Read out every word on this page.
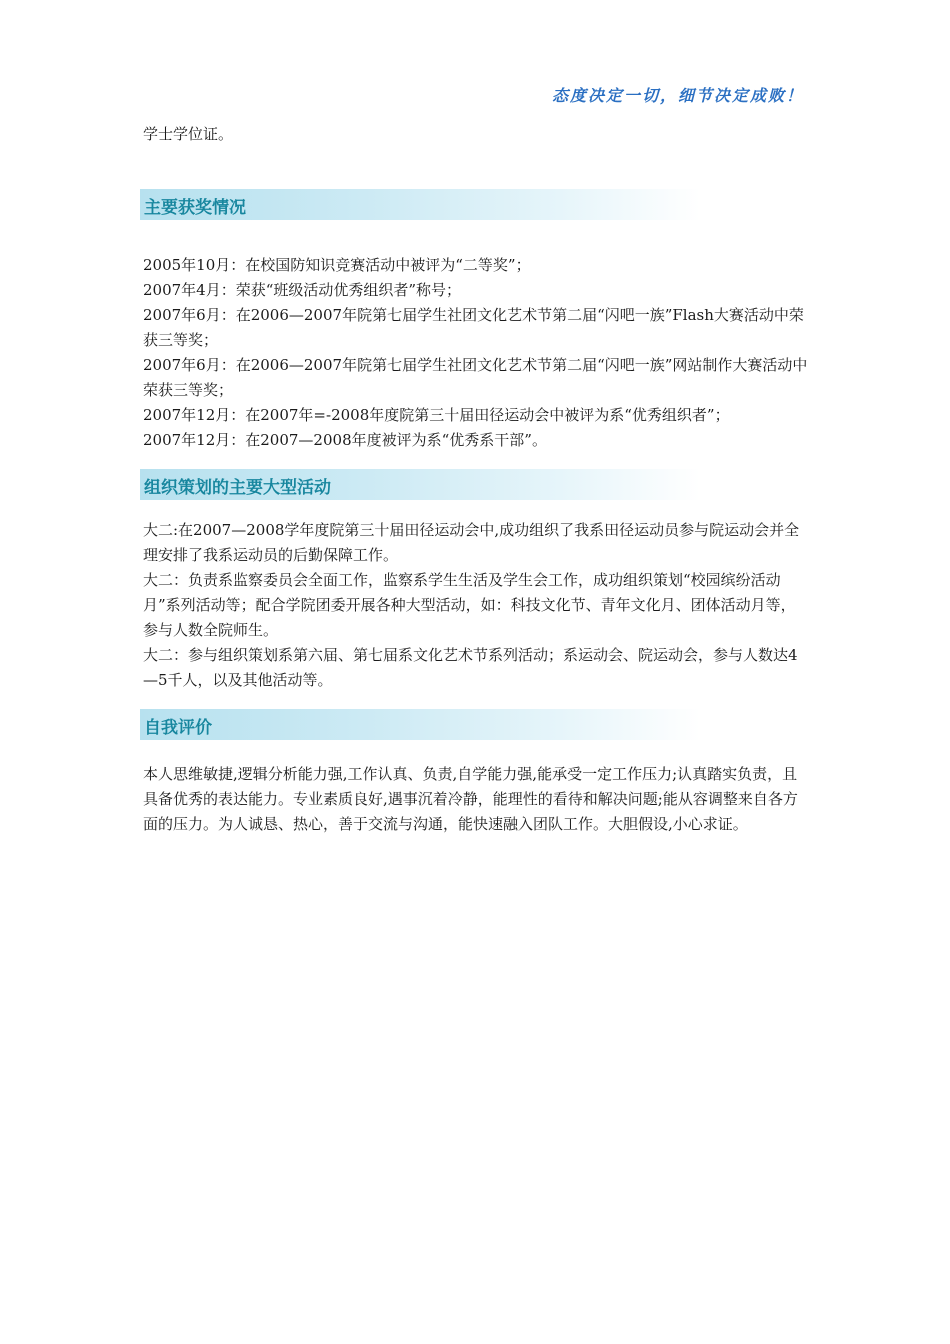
态度决定一切，细节决定成败！

学士学位证。

主要获奖情况

2005年10月：在校国防知识竞赛活动中被评为“二等奖”；

2007年4月：荣获“班级活动优秀组织者”称号；

2007年6月：在2006—2007年院第七届学生社团文化艺术节第二届“闪吧一族”Flash大赛活动中荣获三等奖；

2007年6月：在2006—2007年院第七届学生社团文化艺术节第二届“闪吧一族”网站制作大赛活动中荣获三等奖；

2007年12月：在2007年=-2008年度院第三十届田径运动会中被评为系“优秀组织者”；

2007年12月：在2007—2008年度被评为系“优秀系干部”。

组织策划的主要大型活动

大二:在2007—2008学年度院第三十届田径运动会中,成功组织了我系田径运动员参与院运动会并全理安排了我系运动员的后勤保障工作。

大二：负责系监察委员会全面工作，监察系学生生活及学生会工作，成功组织策划“校园缤纷活动月”系列活动等；配合学院团委开展各种大型活动，如：科技文化节、青年文化月、团体活动月等，参与人数全院师生。

大二：参与组织策划系第六届、第七届系文化艺术节系列活动；系运动会、院运动会，参与人数达4—5千人，以及其他活动等。

自我评价

本人思维敏捷,逻辑分析能力强,工作认真、负责,自学能力强,能承受一定工作压力;认真踏实负责，且具备优秀的表达能力。专业素质良好,遇事沉着冷静，能理性的看待和解决问题;能从容调整来自各方面的压力。为人诚恳、热心，善于交流与沟通，能快速融入团队工作。大胆假设,小心求证。
